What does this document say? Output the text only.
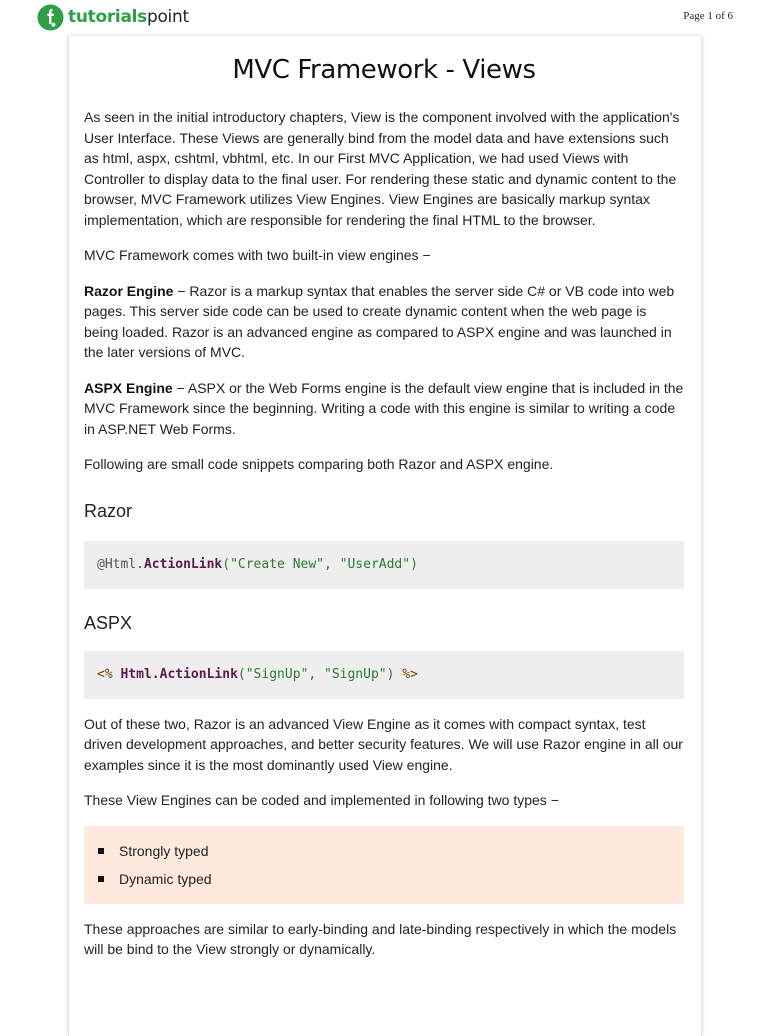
tutorialspoint	Page 1 of 6
MVC Framework - Views

As seen in the initial introductory chapters, View is the component involved with the application's User Interface. These Views are generally bind from the model data and have extensions such as html, aspx, cshtml, vbhtml, etc. In our First MVC Application, we had used Views with Controller to display data to the final user. For rendering these static and dynamic content to the browser, MVC Framework utilizes View Engines. View Engines are basically markup syntax implementation, which are responsible for rendering the final HTML to the browser.

MVC Framework comes with two built-in view engines −

Razor Engine − Razor is a markup syntax that enables the server side C# or VB code into web pages. This server side code can be used to create dynamic content when the web page is being loaded. Razor is an advanced engine as compared to ASPX engine and was launched in the later versions of MVC.

ASPX Engine − ASPX or the Web Forms engine is the default view engine that is included in the MVC Framework since the beginning. Writing a code with this engine is similar to writing a code in ASP.NET Web Forms.

Following are small code snippets comparing both Razor and ASPX engine.

Razor
@Html.ActionLink("Create New", "UserAdd")
ASPX
<% Html.ActionLink("SignUp", "SignUp") %>

Out of these two, Razor is an advanced View Engine as it comes with compact syntax, test driven development approaches, and better security features. We will use Razor engine in all our examples since it is the most dominantly used View engine.

These View Engines can be coded and implemented in following two types −

Strongly typed
Dynamic typed

These approaches are similar to early-binding and late-binding respectively in which the models will be bind to the View strongly or dynamically.
